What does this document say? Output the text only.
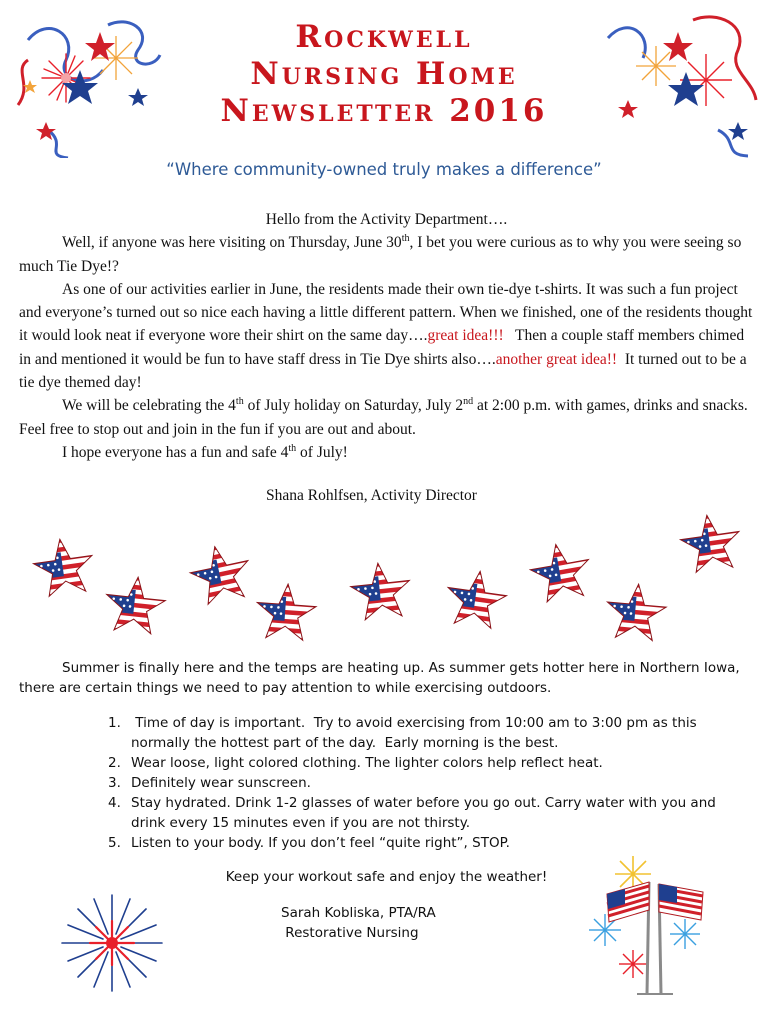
Rockwell
Nursing Home
Newsletter 2016
“Where community-owned truly makes a difference”

Hello from the Activity Department….

Well, if anyone was here visiting on Thursday, June 30th, I bet you were curious as to why you were seeing so much Tie Dye!?

As one of our activities earlier in June, the residents made their own tie-dye t-shirts. It was such a fun project and everyone’s turned out so nice each having a little different pattern. When we finished, one of the residents thought it would look neat if everyone wore their shirt on the same day….great idea!!!   Then a couple staff members chimed in and mentioned it would be fun to have staff dress in Tie Dye shirts also….another great idea!!  It turned out to be a tie dye themed day!

We will be celebrating the 4th of July holiday on Saturday, July 2nd at 2:00 p.m. with games, drinks and snacks.   Feel free to stop out and join in the fun if you are out and about.

I hope everyone has a fun and safe 4th of July!

Shana Rohlfsen, Activity Director

Summer is finally here and the temps are heating up. As summer gets hotter here in Northern Iowa, there are certain things we need to pay attention to while exercising outdoors.

1. Time of day is important.  Try to avoid exercising from 10:00 am to 3:00 pm as this normally the hottest part of the day.  Early morning is the best.
2. Wear loose, light colored clothing. The lighter colors help reflect heat.
3. Definitely wear sunscreen.
4. Stay hydrated. Drink 1-2 glasses of water before you go out. Carry water with you and drink every 15 minutes even if you are not thirsty.
5. Listen to your body. If you don’t feel “quite right”, STOP.

Keep your workout safe and enjoy the weather!

Sarah Kobliska, PTA/RA

Restorative Nursing
